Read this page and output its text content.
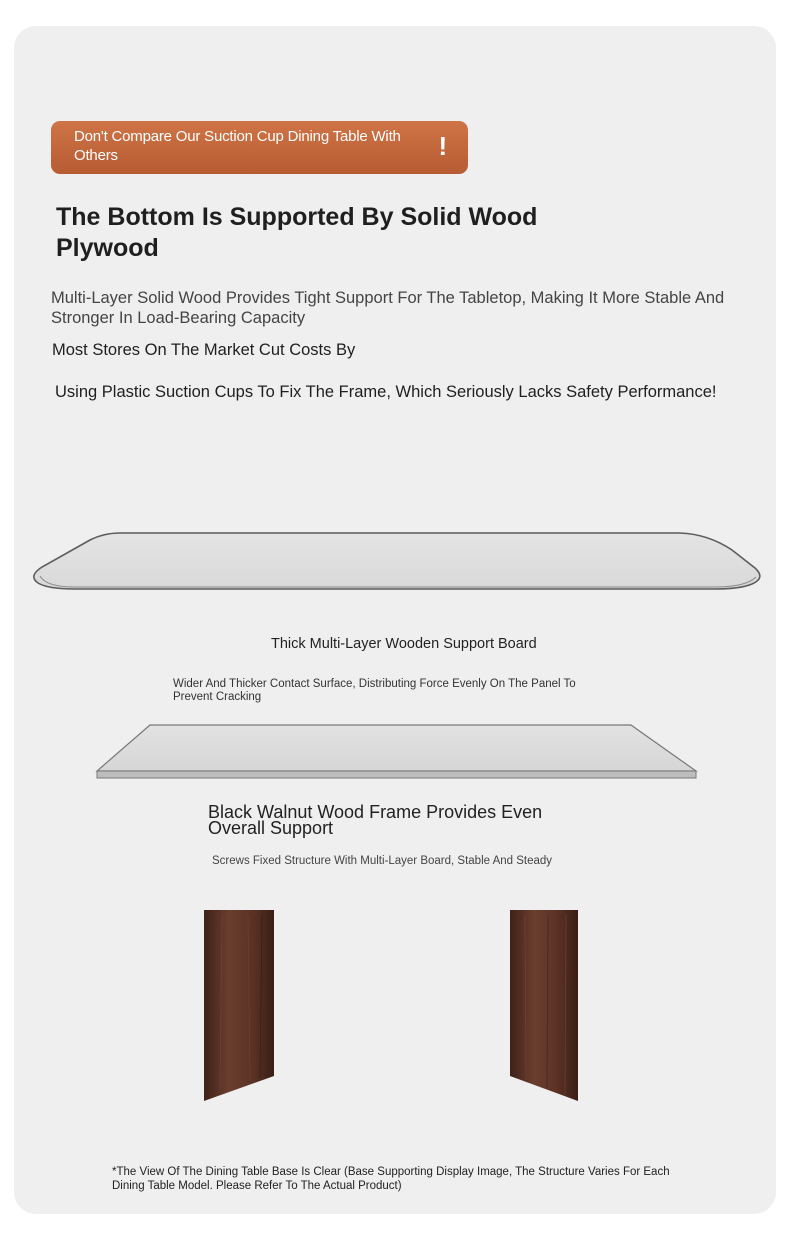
Don't Compare Our Suction Cup Dining Table With Others	!
The Bottom Is Supported By Solid Wood Plywood

Multi-Layer Solid Wood Provides Tight Support For The Tabletop, Making It More Stable And Stronger In Load-Bearing Capacity

Most Stores On The Market Cut Costs By

Using Plastic Suction Cups To Fix The Frame, Which Seriously Lacks Safety Performance!

Thick Multi-Layer Wooden Support Board

Wider And Thicker Contact Surface, Distributing Force Evenly On The Panel To Prevent Cracking

Black Walnut Wood Frame Provides Even Overall Support

Screws Fixed Structure With Multi-Layer Board, Stable And Steady

*The View Of The Dining Table Base Is Clear (Base Supporting Display Image, The Structure Varies For Each Dining Table Model. Please Refer To The Actual Product)
